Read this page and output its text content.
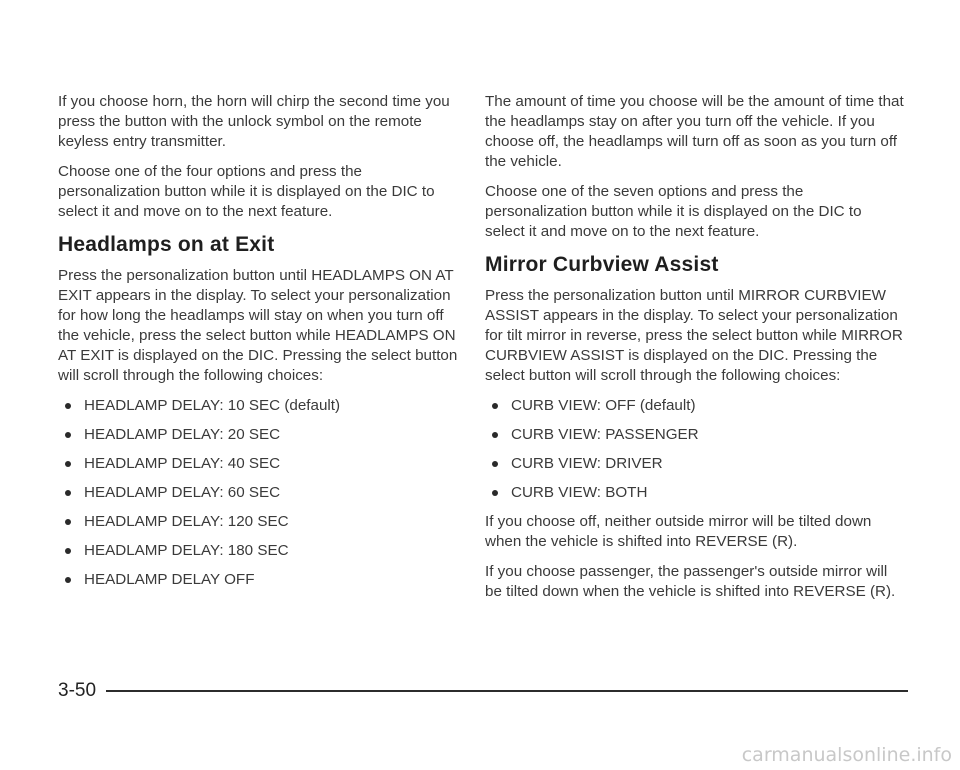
If you choose horn, the horn will chirp the second time you press the button with the unlock symbol on the remote keyless entry transmitter.

Choose one of the four options and press the personalization button while it is displayed on the DIC to select it and move on to the next feature.

Headlamps on at Exit

Press the personalization button until HEADLAMPS ON AT EXIT appears in the display. To select your personalization for how long the headlamps will stay on when you turn off the vehicle, press the select button while HEADLAMPS ON AT EXIT is displayed on the DIC. Pressing the select button will scroll through the following choices:

HEADLAMP DELAY: 10 SEC (default)
HEADLAMP DELAY: 20 SEC
HEADLAMP DELAY: 40 SEC
HEADLAMP DELAY: 60 SEC
HEADLAMP DELAY: 120 SEC
HEADLAMP DELAY: 180 SEC
HEADLAMP DELAY OFF

The amount of time you choose will be the amount of time that the headlamps stay on after you turn off the vehicle. If you choose off, the headlamps will turn off as soon as you turn off the vehicle.

Choose one of the seven options and press the personalization button while it is displayed on the DIC to select it and move on to the next feature.

Mirror Curbview Assist

Press the personalization button until MIRROR CURBVIEW ASSIST appears in the display. To select your personalization for tilt mirror in reverse, press the select button while MIRROR CURBVIEW ASSIST is displayed on the DIC. Pressing the select button will scroll through the following choices:

CURB VIEW: OFF (default)
CURB VIEW: PASSENGER
CURB VIEW: DRIVER
CURB VIEW: BOTH

If you choose off, neither outside mirror will be tilted down when the vehicle is shifted into REVERSE (R).

If you choose passenger, the passenger's outside mirror will be tilted down when the vehicle is shifted into REVERSE (R).

3-50
carmanualsonline.info
